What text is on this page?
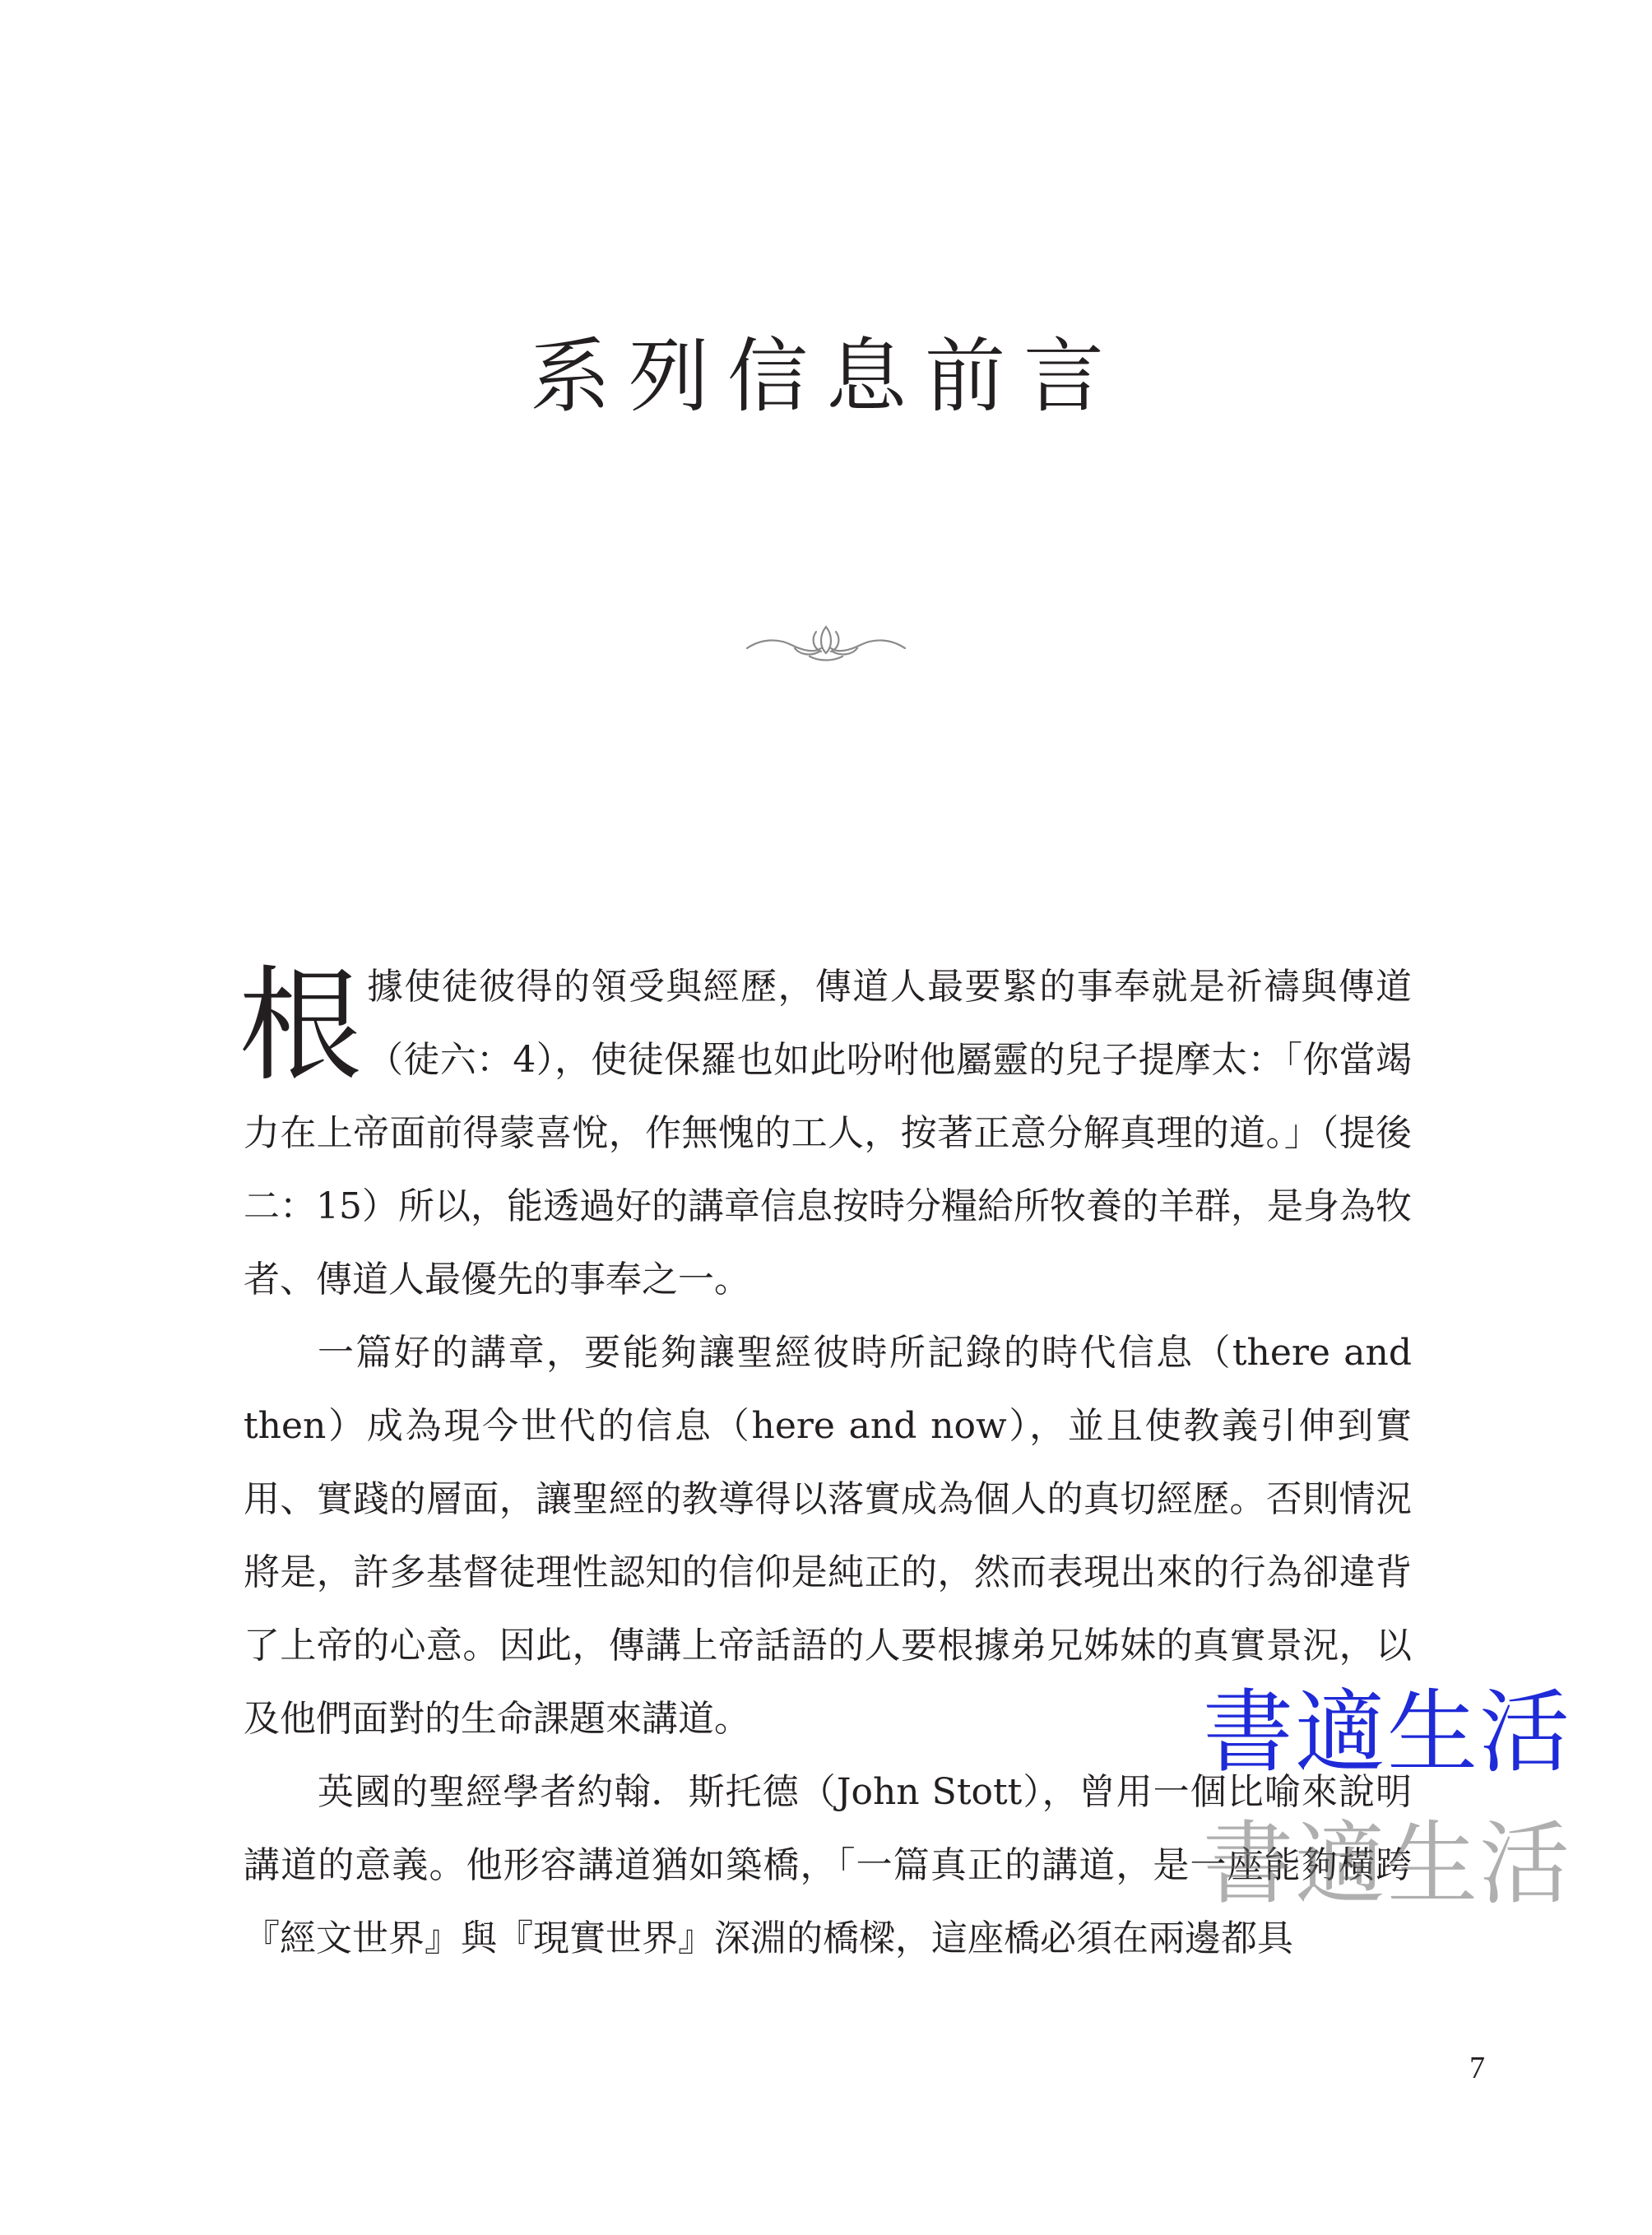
系列信息前言

根據使徒彼得的領受與經歷，傳道人最要緊的事奉就是祈禱與傳道（徒六：4），使徒保羅也如此吩咐他屬靈的兒子提摩太：「你當竭力在上帝面前得蒙喜悅，作無愧的工人，按著正意分解真理的道。」（提後二：15）所以，能透過好的講章信息按時分糧給所牧養的羊群，是身為牧者、傳道人最優先的事奉之一。

一篇好的講章，要能夠讓聖經彼時所記錄的時代信息（there and then）成為現今世代的信息（here and now），並且使教義引伸到實用、實踐的層面，讓聖經的教導得以落實成為個人的真切經歷。否則情況將是，許多基督徒理性認知的信仰是純正的，然而表現出來的行為卻違背了上帝的心意。因此，傳講上帝話語的人要根據弟兄姊妹的真實景況，以及他們面對的生命課題來講道。

英國的聖經學者約翰．斯托德（John Stott），曾用一個比喻來說明講道的意義。他形容講道猶如築橋，「一篇真正的講道，是一座能夠橫跨『經文世界』與『現實世界』深淵的橋樑，這座橋必須在兩邊都具

書適生活
書適生活
7
